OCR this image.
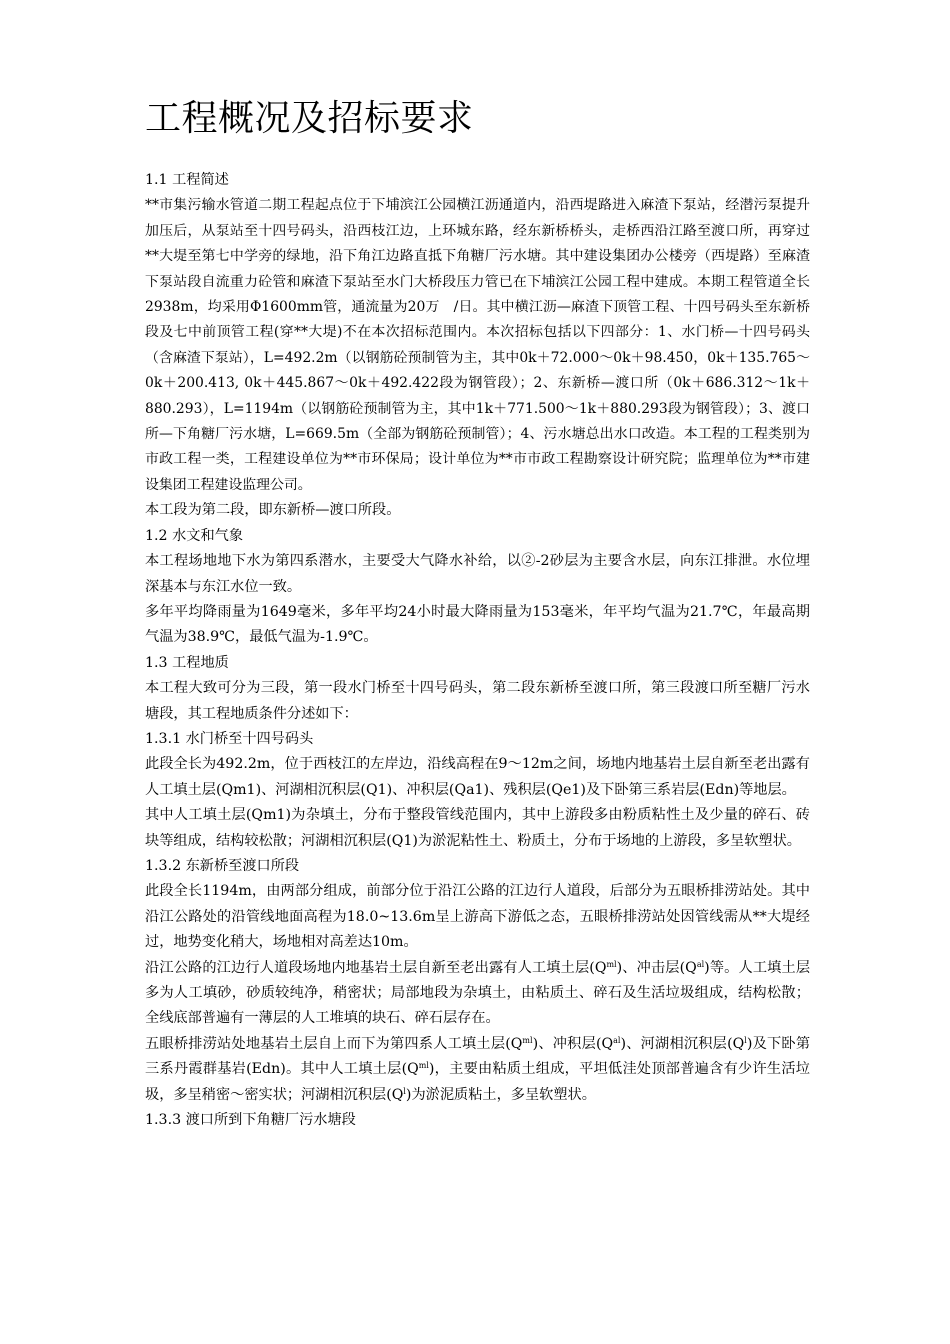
工程概况及招标要求

1.1 工程简述

**市集污输水管道二期工程起点位于下埔滨江公园横江沥通道内，沿西堤路进入麻渣下泵站，经潜污泵提升加压后，从泵站至十四号码头，沿西枝江边，上环城东路，经东新桥桥头，走桥西沿江路至渡口所，再穿过**大堤至第七中学旁的绿地，沿下角江边路直抵下角糖厂污水塘。其中建设集团办公楼旁（西堤路）至麻渣下泵站段自流重力砼管和麻渣下泵站至水门大桥段压力管已在下埔滨江公园工程中建成。本期工程管道全长2938m，均采用Φ1600mm管，通流量为20万　/日。其中横江沥—麻渣下顶管工程、十四号码头至东新桥段及七中前顶管工程(穿**大堤)不在本次招标范围内。本次招标包括以下四部分：1、水门桥—十四号码头（含麻渣下泵站），L=492.2m（以钢筋砼预制管为主，其中0k＋72.000～0k＋98.450，0k＋135.765～0k＋200.413, 0k＋445.867～0k＋492.422段为钢管段）；2、东新桥—渡口所（0k＋686.312～1k＋880.293），L=1194m（以钢筋砼预制管为主，其中1k＋771.500～1k＋880.293段为钢管段）；3、渡口所—下角糖厂污水塘，L=669.5m（全部为钢筋砼预制管）；4、污水塘总出水口改造。本工程的工程类别为市政工程一类，工程建设单位为**市环保局；设计单位为**市市政工程勘察设计研究院；监理单位为**市建设集团工程建设监理公司。

本工段为第二段，即东新桥—渡口所段。

1.2 水文和气象

本工程场地地下水为第四系潜水，主要受大气降水补给，以②-2砂层为主要含水层，向东江排泄。水位埋深基本与东江水位一致。

多年平均降雨量为1649毫米，多年平均24小时最大降雨量为153毫米，年平均气温为21.7℃，年最高期气温为38.9℃，最低气温为-1.9℃。

1.3 工程地质

本工程大致可分为三段，第一段水门桥至十四号码头，第二段东新桥至渡口所，第三段渡口所至糖厂污水塘段，其工程地质条件分述如下：

1.3.1 水门桥至十四号码头

此段全长为492.2m，位于西枝江的左岸边，沿线高程在9～12m之间，场地内地基岩土层自新至老出露有人工填土层(Qm1)、河湖相沉积层(Q1)、冲积层(Qa1)、残积层(Qe1)及下卧第三系岩层(Edn)等地层。

其中人工填土层(Qm1)为杂填土，分布于整段管线范围内，其中上游段多由粉质粘性土及少量的碎石、砖块等组成，结构较松散；河湖相沉积层(Q1)为淤泥粘性土、粉质土，分布于场地的上游段，多呈软塑状。

1.3.2 东新桥至渡口所段

此段全长1194m，由两部分组成，前部分位于沿江公路的江边行人道段，后部分为五眼桥排涝站处。其中沿江公路处的沿管线地面高程为18.0~13.6m呈上游高下游低之态，五眼桥排涝站处因管线需从**大堤经过，地势变化稍大，场地相对高差达10m。

沿江公路的江边行人道段场地内地基岩土层自新至老出露有人工填土层$(Q^{ml})$、冲击层$(Q^{al})$等。人工填土层多为人工填砂，砂质较纯净，稍密状；局部地段为杂填土，由粘质土、碎石及生活垃圾组成，结构松散；全线底部普遍有一薄层的人工堆填的块石、碎石层存在。

五眼桥排涝站处地基岩土层自上而下为第四系人工填土层$(Q^{ml})$、冲积层$(Q^{al})$、河湖相沉积层$(Q^l)$及下卧第三系丹霞群基岩(Edn)。其中人工填土层$(Q^{ml})$，主要由粘质土组成，平坦低洼处顶部普遍含有少许生活垃圾，多呈稍密～密实状；河湖相沉积层$(Q^l)$为淤泥质粘土，多呈软塑状。

1.3.3 渡口所到下角糖厂污水塘段
